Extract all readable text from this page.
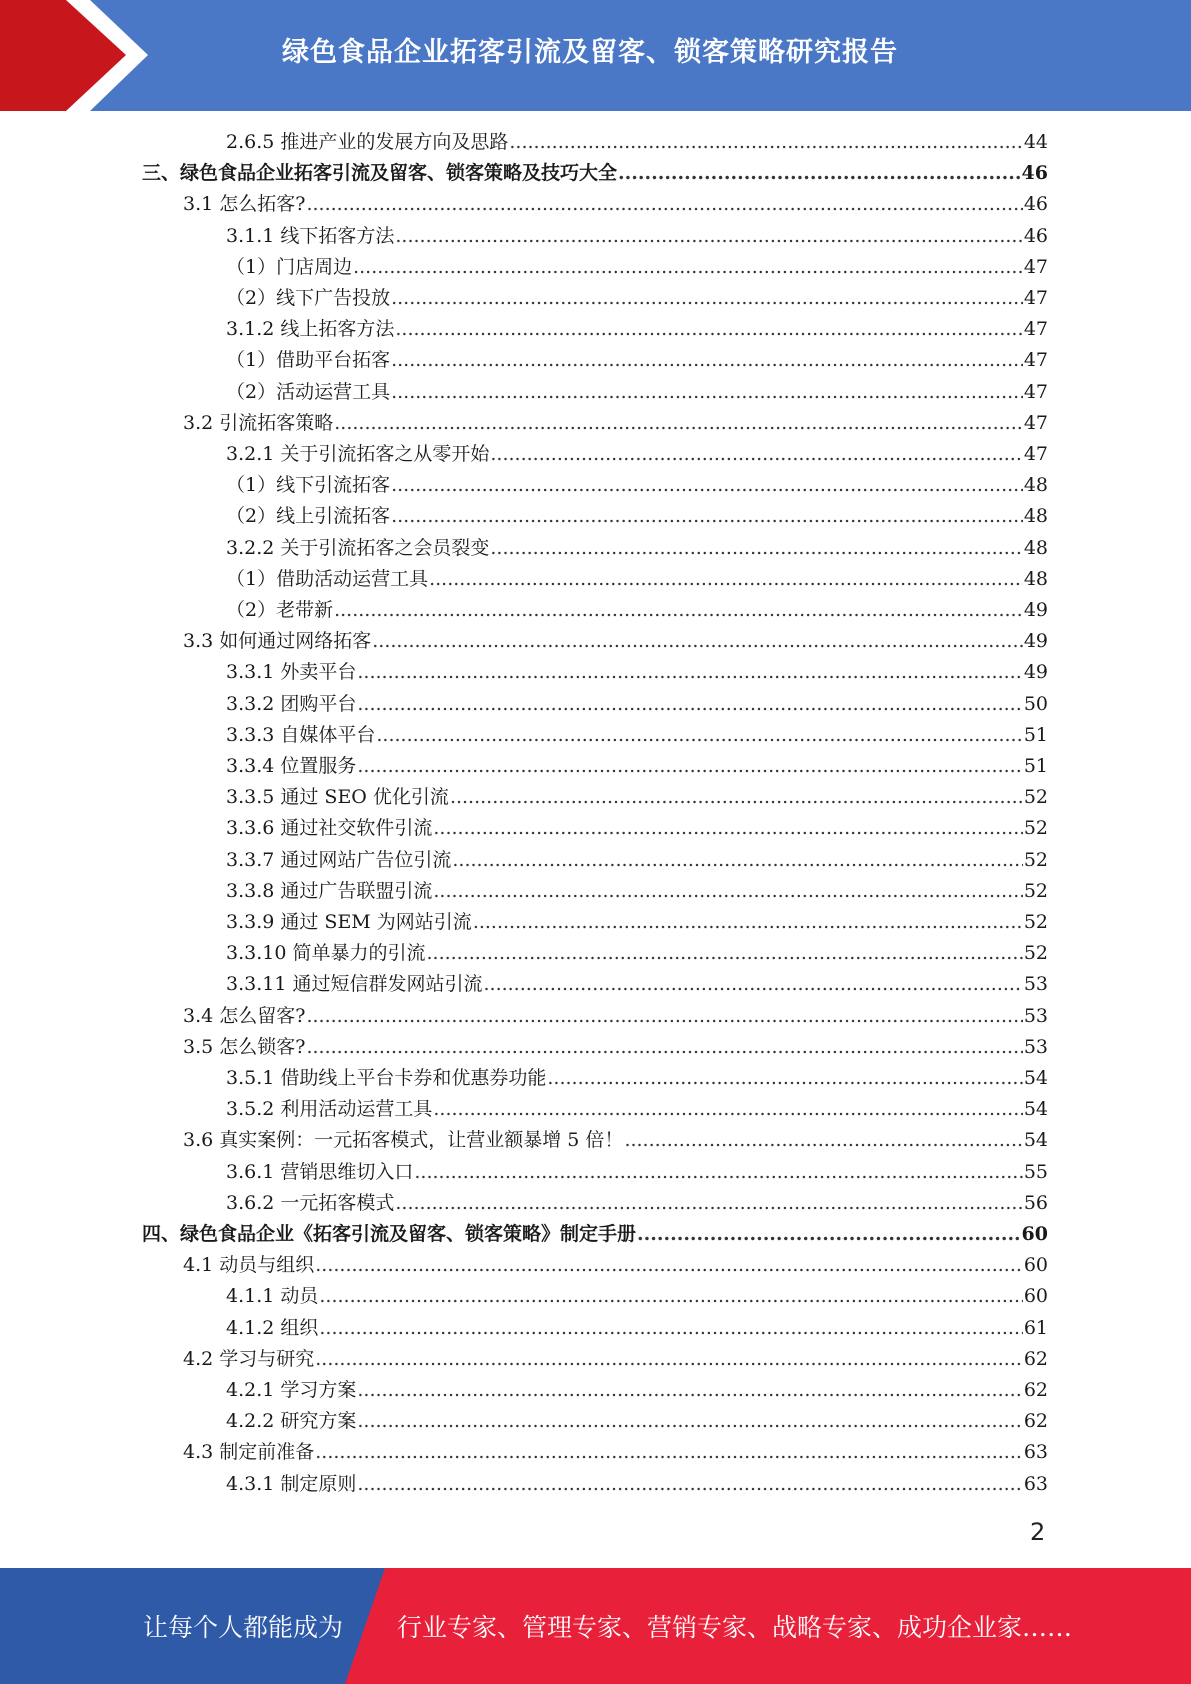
绿色食品企业拓客引流及留客、锁客策略研究报告
2.6.5 推进产业的发展方向及思路 .....	44
三、绿色食品企业拓客引流及留客、锁客策略及技巧大全 .....	46
3.1 怎么拓客? .....	46
3.1.1 线下拓客方法 .....	46
（1）门店周边 .....	47
（2）线下广告投放 .....	47
3.1.2 线上拓客方法 .....	47
（1）借助平台拓客 .....	47
（2）活动运营工具 .....	47
3.2 引流拓客策略 .....	47
3.2.1 关于引流拓客之从零开始 .....	47
（1）线下引流拓客 .....	48
（2）线上引流拓客 .....	48
3.2.2 关于引流拓客之会员裂变 .....	48
（1）借助活动运营工具 .....	48
（2）老带新 .....	49
3.3 如何通过网络拓客 .....	49
3.3.1 外卖平台 .....	49
3.3.2 团购平台 .....	50
3.3.3 自媒体平台 .....	51
3.3.4 位置服务 .....	51
3.3.5 通过 SEO 优化引流 .....	52
3.3.6 通过社交软件引流 .....	52
3.3.7 通过网站广告位引流 .....	52
3.3.8 通过广告联盟引流 .....	52
3.3.9 通过 SEM 为网站引流 .....	52
3.3.10 简单暴力的引流 .....	52
3.3.11 通过短信群发网站引流 .....	53
3.4 怎么留客? .....	53
3.5 怎么锁客? .....	53
3.5.1 借助线上平台卡券和优惠券功能 .....	54
3.5.2 利用活动运营工具 .....	54
3.6 真实案例：一元拓客模式，让营业额暴增 5 倍！ .....	54
3.6.1 营销思维切入口 .....	55
3.6.2 一元拓客模式 .....	56
四、绿色食品企业《拓客引流及留客、锁客策略》制定手册 .....	60
4.1 动员与组织 .....	60
4.1.1 动员 .....	60
4.1.2 组织 .....	61
4.2 学习与研究 .....	62
4.2.1 学习方案 .....	62
4.2.2 研究方案 .....	62
4.3 制定前准备 .....	63
4.3.1 制定原则 .....	63
2
让每个人都能成为 行业专家、管理专家、营销专家、战略专家、成功企业家……
